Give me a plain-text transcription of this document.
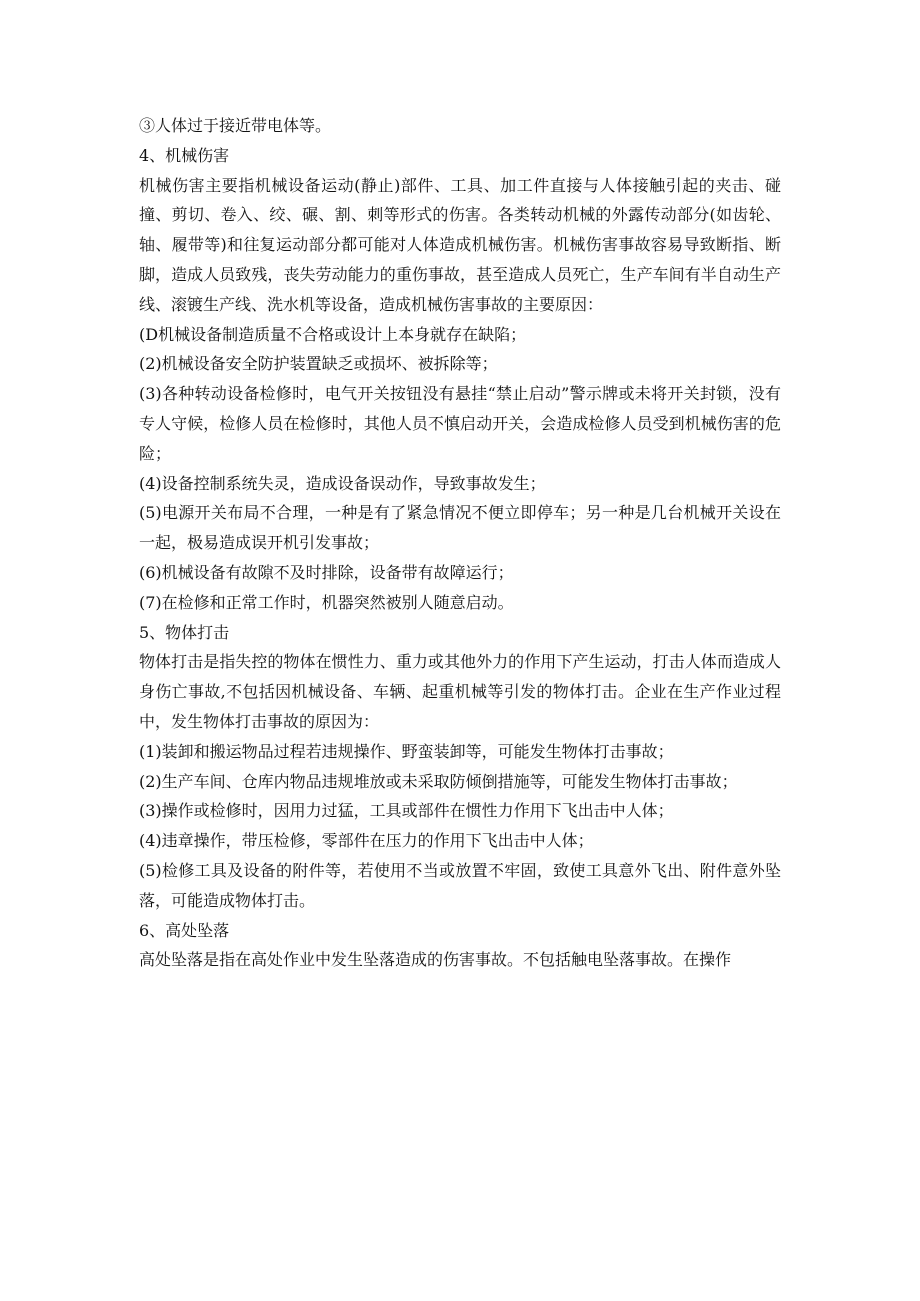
③人体过于接近带电体等。

4、机械伤害

机械伤害主要指机械设备运动(静止)部件、工具、加工件直接与人体接触引起的夹击、碰撞、剪切、卷入、绞、碾、割、刺等形式的伤害。各类转动机械的外露传动部分(如齿轮、轴、履带等)和往复运动部分都可能对人体造成机械伤害。机械伤害事故容易导致断指、断脚，造成人员致残，丧失劳动能力的重伤事故，甚至造成人员死亡，生产车间有半自动生产线、滚镀生产线、洗水机等设备，造成机械伤害事故的主要原因：

(D机械设备制造质量不合格或设计上本身就存在缺陷；

(2)机械设备安全防护装置缺乏或损坏、被拆除等；

(3)各种转动设备检修时，电气开关按钮没有悬挂“禁止启动”警示牌或未将开关封锁，没有专人守候，检修人员在检修时，其他人员不慎启动开关，会造成检修人员受到机械伤害的危险；

(4)设备控制系统失灵，造成设备误动作，导致事故发生；

(5)电源开关布局不合理，一种是有了紧急情况不便立即停车；另一种是几台机械开关设在一起，极易造成误开机引发事故；

(6)机械设备有故隙不及时排除，设备带有故障运行；

(7)在检修和正常工作时，机器突然被别人随意启动。

5、物体打击

物体打击是指失控的物体在惯性力、重力或其他外力的作用下产生运动，打击人体而造成人身伤亡事故,不包括因机械设备、车辆、起重机械等引发的物体打击。企业在生产作业过程中，发生物体打击事故的原因为：

(1)装卸和搬运物品过程若违规操作、野蛮装卸等，可能发生物体打击事故；

(2)生产车间、仓库内物品违规堆放或未采取防倾倒措施等，可能发生物体打击事故；

(3)操作或检修时，因用力过猛，工具或部件在惯性力作用下飞出击中人体；

(4)违章操作，带压检修，零部件在压力的作用下飞出击中人体；

(5)检修工具及设备的附件等，若使用不当或放置不牢固，致使工具意外飞出、附件意外坠落，可能造成物体打击。

6、高处坠落

高处坠落是指在高处作业中发生坠落造成的伤害事故。不包括触电坠落事故。在操作
